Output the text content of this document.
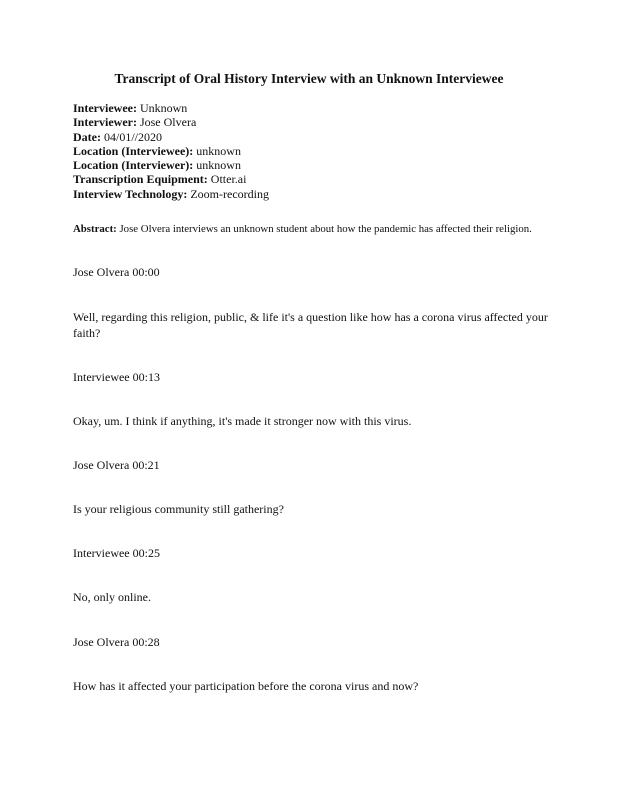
Transcript of Oral History Interview with an Unknown Interviewee
Interviewee: Unknown
Interviewer: Jose Olvera
Date: 04/01//2020
Location (Interviewee): unknown
Location (Interviewer): unknown
Transcription Equipment: Otter.ai
Interview Technology: Zoom-recording
Abstract: Jose Olvera interviews an unknown student about how the pandemic has affected their religion.
Jose Olvera 00:00
Well, regarding this religion, public, & life it's a question like how has a corona virus affected your faith?
Interviewee 00:13
Okay, um. I think if anything, it's made it stronger now with this virus.
Jose Olvera 00:21
Is your religious community still gathering?
Interviewee 00:25
No, only online.
Jose Olvera 00:28
How has it affected your participation before the corona virus and now?
